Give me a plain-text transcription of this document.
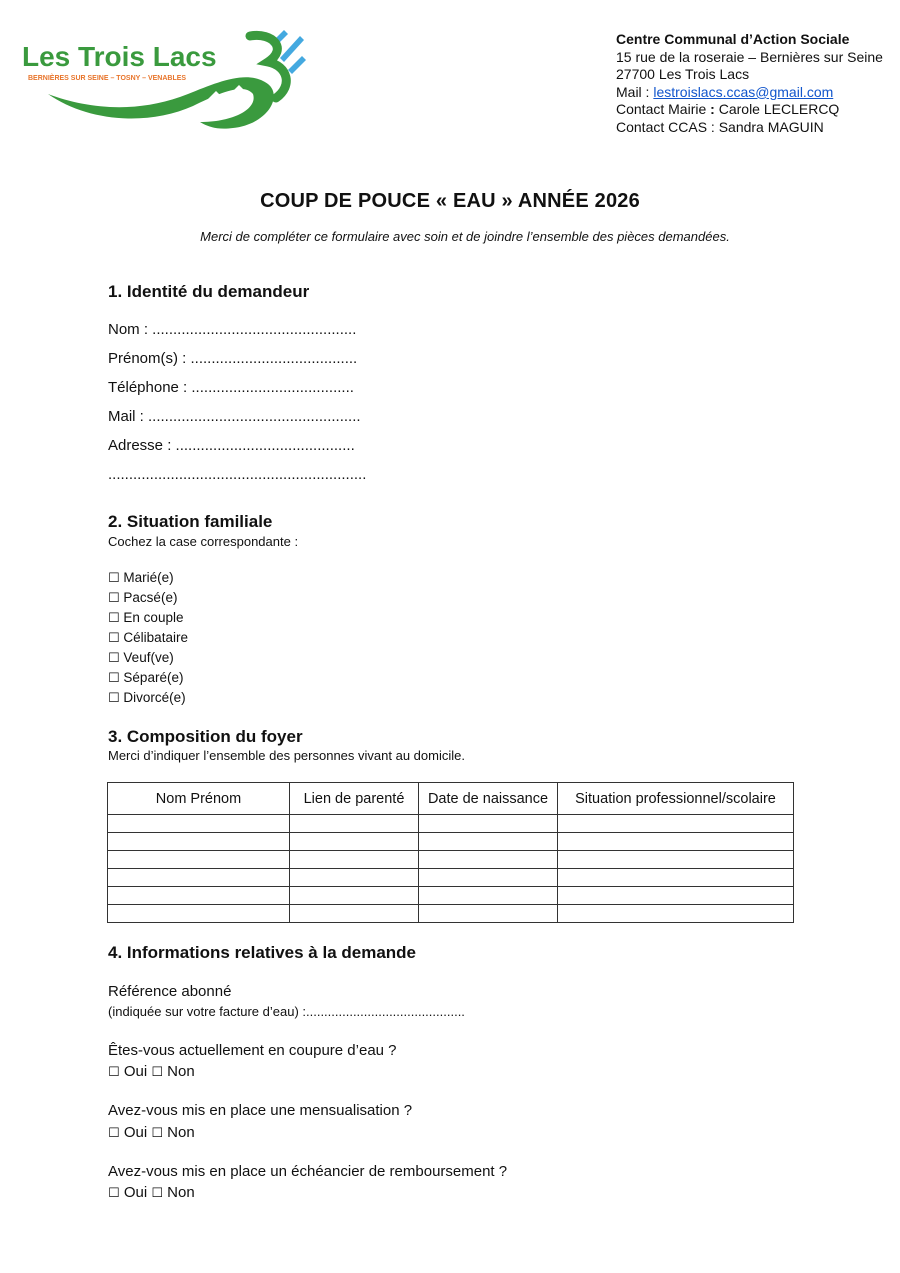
Les Trois Lacs
BERNIÈRES SUR SEINE – TOSNY – VENABLES
Centre Communal d’Action Sociale
15 rue de la roseraie – Bernières sur Seine
27700 Les Trois Lacs
Mail : lestroislacs.ccas@gmail.com
Contact Mairie : Carole LECLERCQ
Contact CCAS : Sandra MAGUIN
COUP DE POUCE « EAU » ANNÉE 2026
Merci de compléter ce formulaire avec soin et de joindre l’ensemble des pièces demandées.
1. Identité du demandeur
Nom : .................................................
Prénom(s) : ........................................
Téléphone : .......................................
Mail : ...................................................
Adresse : ...........................................
..............................................................
2. Situation familiale
Cochez la case correspondante :
☐ Marié(e)
☐ Pacsé(e)
☐ En couple
☐ Célibataire
☐ Veuf(ve)
☐ Séparé(e)
☐ Divorcé(e)
3. Composition du foyer
Merci d’indiquer l’ensemble des personnes vivant au domicile.
Nom Prénom	Lien de parenté	Date de naissance	Situation professionnel/scolaire

4. Informations relatives à la demande
Référence abonné
(indiquée sur votre facture d’eau) :............................................
Êtes-vous actuellement en coupure d’eau ?
☐ Oui ☐ Non
Avez-vous mis en place une mensualisation ?
☐ Oui ☐ Non
Avez-vous mis en place un échéancier de remboursement ?
☐ Oui ☐ Non
